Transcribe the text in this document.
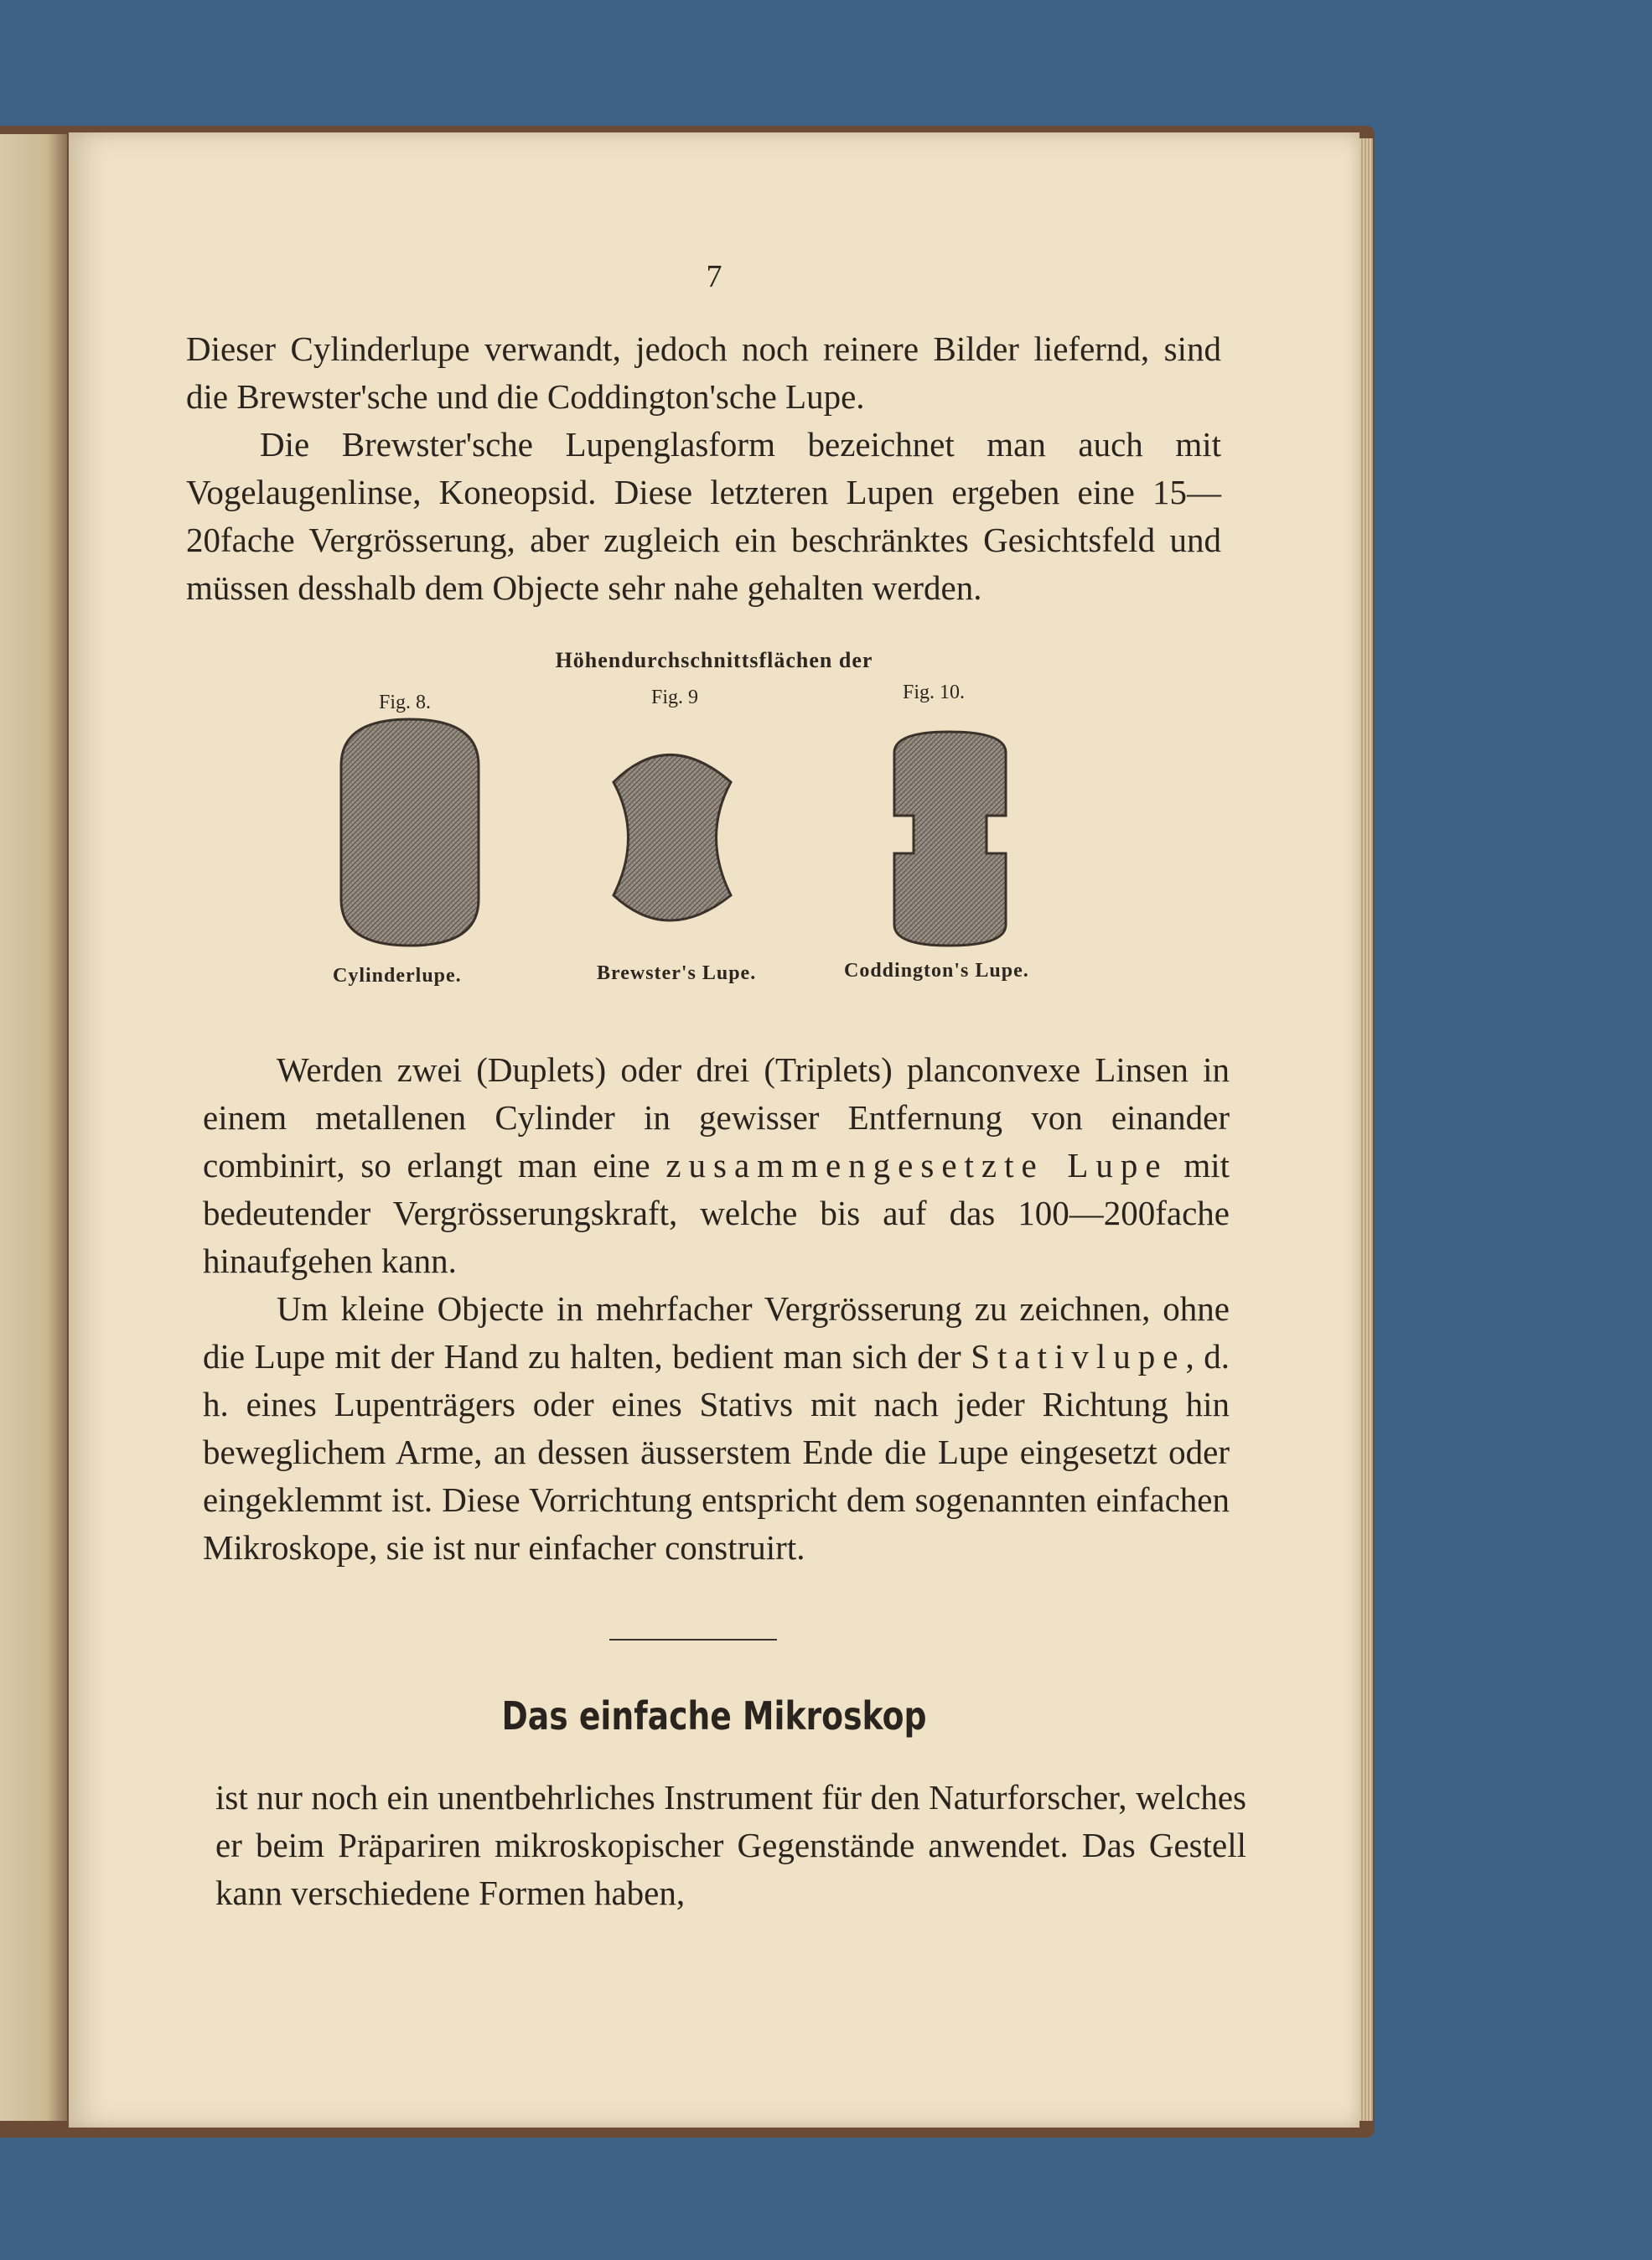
7

Dieser Cylinderlupe verwandt, jedoch noch reinere Bilder liefernd, sind die Brewster'sche und die Coddington'sche Lupe.

Die Brewster'sche Lupenglasform bezeichnet man auch mit Vogelaugenlinse, Koneopsid. Diese letzteren Lupen ergeben eine 15—20fache Vergrösserung, aber zugleich ein beschränktes Gesichtsfeld und müssen desshalb dem Objecte sehr nahe gehalten werden.

Höhendurchschnittsflächen der
Fig. 8.	Fig. 9	Fig. 10.
Cylinderlupe.	Brewster's Lupe.	Coddington's Lupe.

Werden zwei (Duplets) oder drei (Triplets) planconvexe Linsen in einem metallenen Cylinder in gewisser Entfernung von einander combinirt, so erlangt man eine zusammengesetzte Lupe mit bedeutender Vergrösserungskraft, welche bis auf das 100—200fache hinaufgehen kann.

Um kleine Objecte in mehrfacher Vergrösserung zu zeichnen, ohne die Lupe mit der Hand zu halten, bedient man sich der Stativlupe, d. h. eines Lupenträgers oder eines Stativs mit nach jeder Richtung hin beweglichem Arme, an dessen äusserstem Ende die Lupe eingesetzt oder eingeklemmt ist. Diese Vorrichtung entspricht dem sogenannten einfachen Mikroskope, sie ist nur einfacher construirt.

Das einfache Mikroskop

ist nur noch ein unentbehrliches Instrument für den Naturforscher, welches er beim Präpariren mikroskopischer Gegenstände anwendet. Das Gestell kann verschiedene Formen haben,
